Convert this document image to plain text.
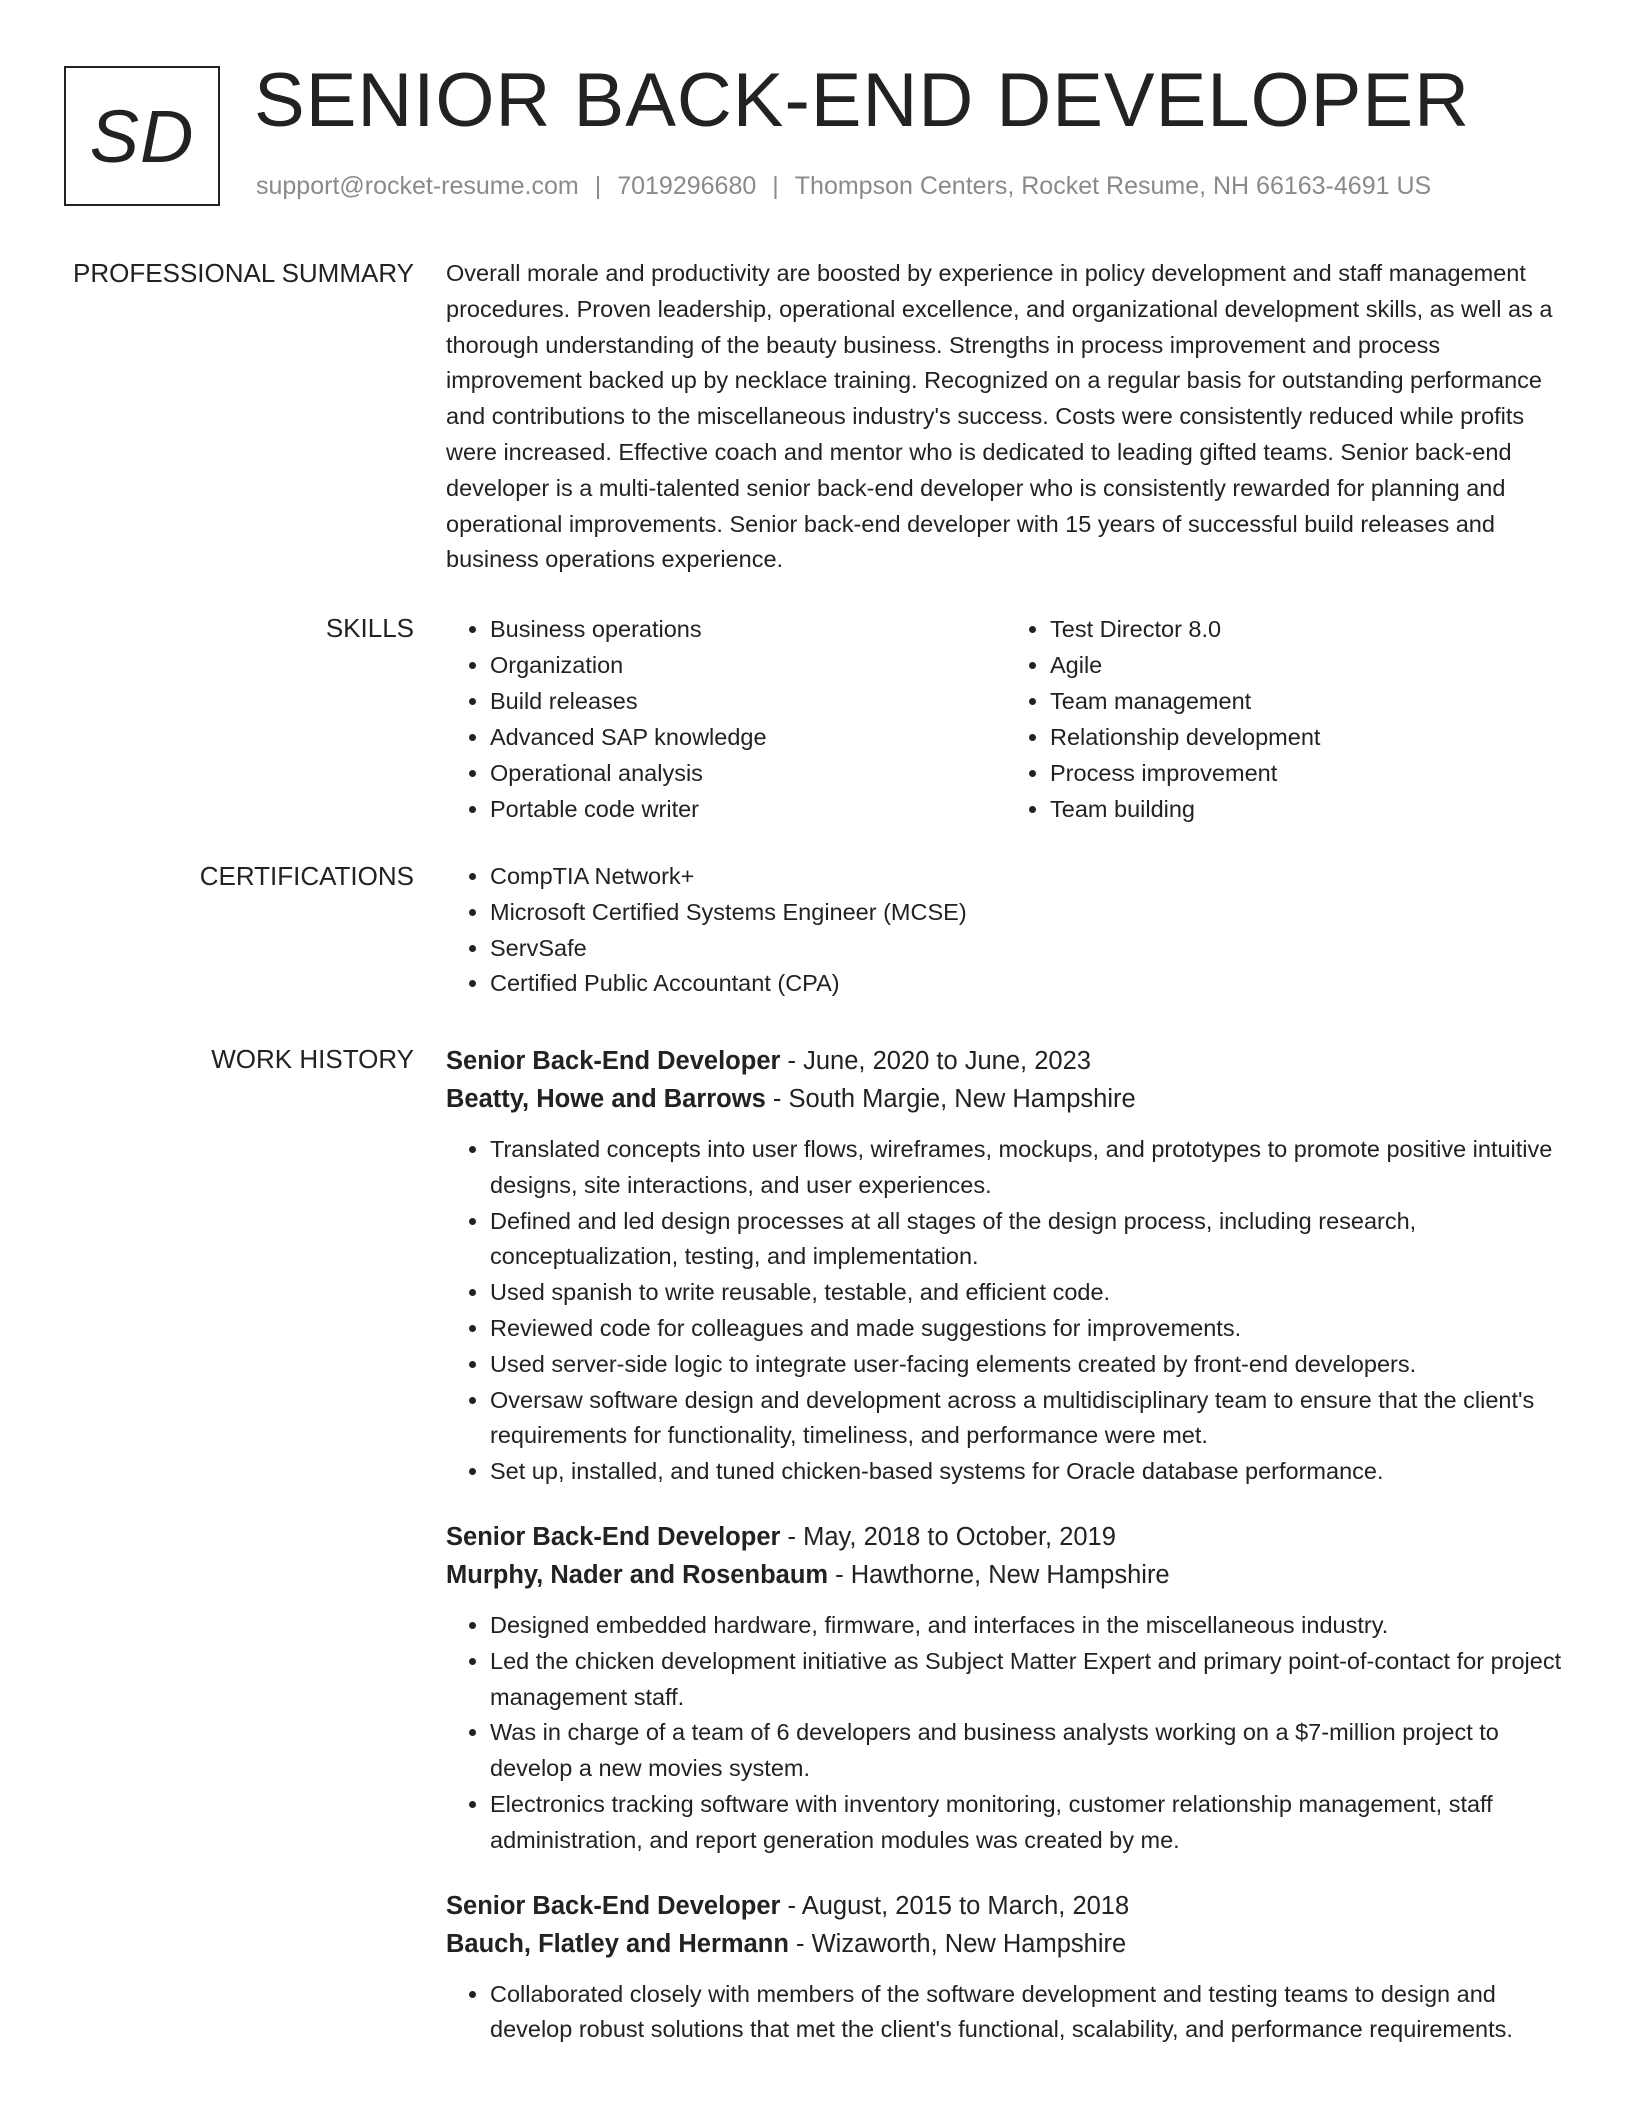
SD SENIOR BACK-END DEVELOPER
support@rocket-resume.com | 7019296680 | Thompson Centers, Rocket Resume, NH 66163-4691 US
PROFESSIONAL SUMMARY Overall morale and productivity are boosted by experience in policy development and staff management procedures. Proven leadership, operational excellence, and organizational development skills, as well as a thorough understanding of the beauty business. Strengths in process improvement and process improvement backed up by necklace training. Recognized on a regular basis for outstanding performance and contributions to the miscellaneous industry's success. Costs were consistently reduced while profits were increased. Effective coach and mentor who is dedicated to leading gifted teams. Senior back-end developer is a multi-talented senior back-end developer who is consistently rewarded for planning and operational improvements. Senior back-end developer with 15 years of successful build releases and business operations experience.

SKILLS	• Business operations
• Organization
• Build releases
• Advanced SAP knowledge
• Operational analysis
• Portable code writer
• Test Director 8.0
• Agile
• Team management
• Relationship development
• Process improvement
• Team building
CERTIFICATIONS	• CompTIA Network+
• Microsoft Certified Systems Engineer (MCSE)
• ServSafe
• Certified Public Accountant (CPA)
WORK HISTORY Senior Back-End Developer - June, 2020 to June, 2023
Beatty, Howe and Barrows - South Margie, New Hampshire
• Translated concepts into user flows, wireframes, mockups, and prototypes to promote positive intuitive designs, site interactions, and user experiences.
• Defined and led design processes at all stages of the design process, including research, conceptualization, testing, and implementation.
• Used spanish to write reusable, testable, and efficient code.
• Reviewed code for colleagues and made suggestions for improvements.
• Used server-side logic to integrate user-facing elements created by front-end developers.
• Oversaw software design and development across a multidisciplinary team to ensure that the client's requirements for functionality, timeliness, and performance were met.
• Set up, installed, and tuned chicken-based systems for Oracle database performance.
Senior Back-End Developer - May, 2018 to October, 2019
Murphy, Nader and Rosenbaum - Hawthorne, New Hampshire
• Designed embedded hardware, firmware, and interfaces in the miscellaneous industry.
• Led the chicken development initiative as Subject Matter Expert and primary point-of-contact for project management staff.
• Was in charge of a team of 6 developers and business analysts working on a $7-million project to develop a new movies system.
• Electronics tracking software with inventory monitoring, customer relationship management, staff administration, and report generation modules was created by me.
Senior Back-End Developer - August, 2015 to March, 2018
Bauch, Flatley and Hermann - Wizaworth, New Hampshire
• Collaborated closely with members of the software development and testing teams to design and develop robust solutions that met the client's functional, scalability, and performance requirements.
